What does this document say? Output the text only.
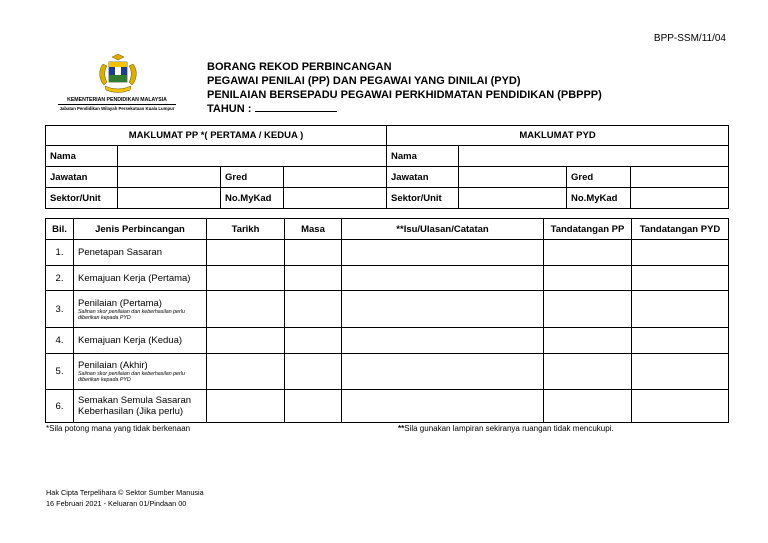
BPP-SSM/11/04
KEMENTERIAN PENDIDIKAN MALAYSIA
Jabatan Pendidikan Wilayah Persekutuan Kuala Lumpur
BORANG REKOD PERBINCANGAN
PEGAWAI PENILAI (PP) DAN PEGAWAI YANG DINILAI (PYD)
PENILAIAN BERSEPADU PEGAWAI PERKHIDMATAN PENDIDIKAN (PBPPP)
TAHUN :
MAKLUMAT PP *( PERTAMA / KEDUA )				MAKLUMAT PYD			
Nama				Nama			
Jawatan		Gred		Jawatan		Gred	
Sektor/Unit		No.MyKad		Sektor/Unit		No.MyKad	
Bil.	Jenis Perbincangan	Tarikh	Masa	**Isu/Ulasan/Catatan	Tandatangan PP	Tandatangan PYD
1.	Penetapan Sasaran					
2.	Kemajuan Kerja (Pertama)					
3.	Penilaian (Pertama)
Salinan skor penilaian dan keberhasilan perlu diberikan kepada PYD					

4.	Kemajuan Kerja (Kedua)					
5.	Penilaian (Akhir)
Salinan skor penilaian dan keberhasilan perlu diberikan kepada PYD					

6.	Semakan Semula Sasaran Keberhasilan (Jika perlu)					
*Sila potong mana yang tidak berkenaan	**Sila gunakan lampiran sekiranya ruangan tidak mencukupi.
Hak Cipta Terpelihara © Sektor Sumber Manusia
16 Februari 2021 - Keluaran 01/Pindaan 00
